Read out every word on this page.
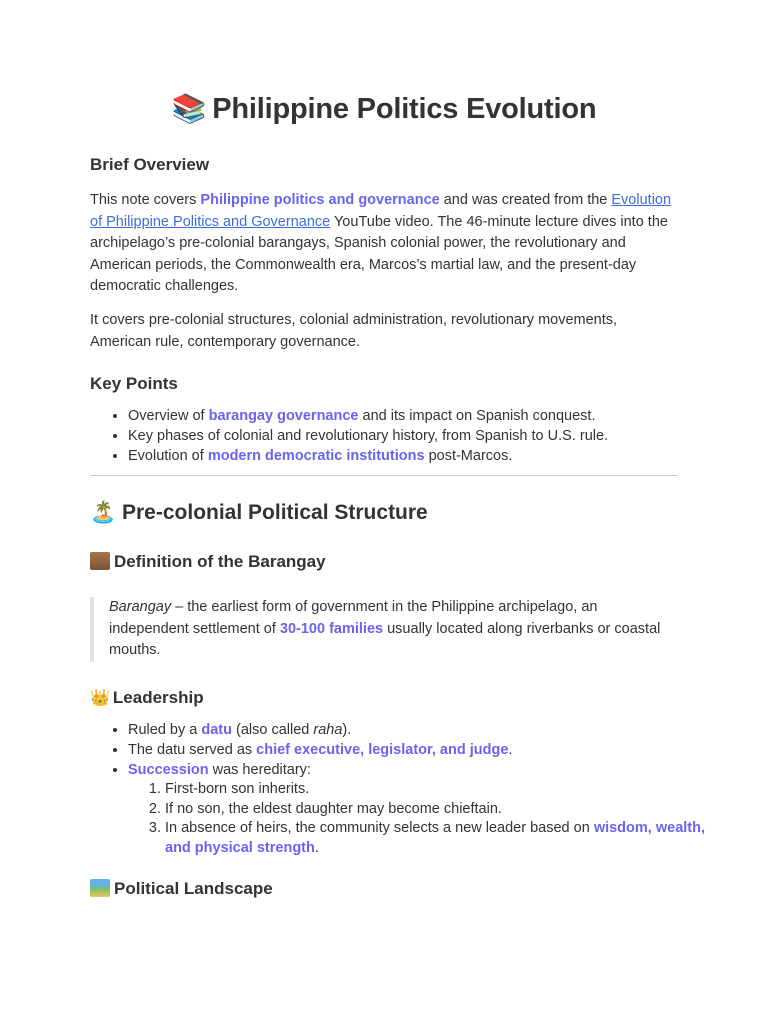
📚 Philippine Politics Evolution
Brief Overview

This note covers Philippine politics and governance and was created from the Evolution of Philippine Politics and Governance YouTube video. The 46-minute lecture dives into the archipelago’s pre-colonial barangays, Spanish colonial power, the revolutionary and American periods, the Commonwealth era, Marcos’s martial law, and the present-day democratic challenges.

It covers pre-colonial structures, colonial administration, revolutionary movements, American rule, contemporary governance.

Key Points
• Overview of barangay governance and its impact on Spanish conquest.
• Key phases of colonial and revolutionary history, from Spanish to U.S. rule.
• Evolution of modern democratic institutions post-Marcos.
🏝️ Pre-colonial Political Structure
Definition of the Barangay

Barangay – the earliest form of government in the Philippine archipelago, an independent settlement of 30-100 families usually located along riverbanks or coastal mouths.

👑 Leadership
• Ruled by a datu (also called raha).
• The datu served as chief executive, legislator, and judge.
• Succession was hereditary:
1. First-born son inherits.
2. If no son, the eldest daughter may become chieftain.
3. In absence of heirs, the community selects a new leader based on wisdom, wealth, and physical strength.
Political Landscape
